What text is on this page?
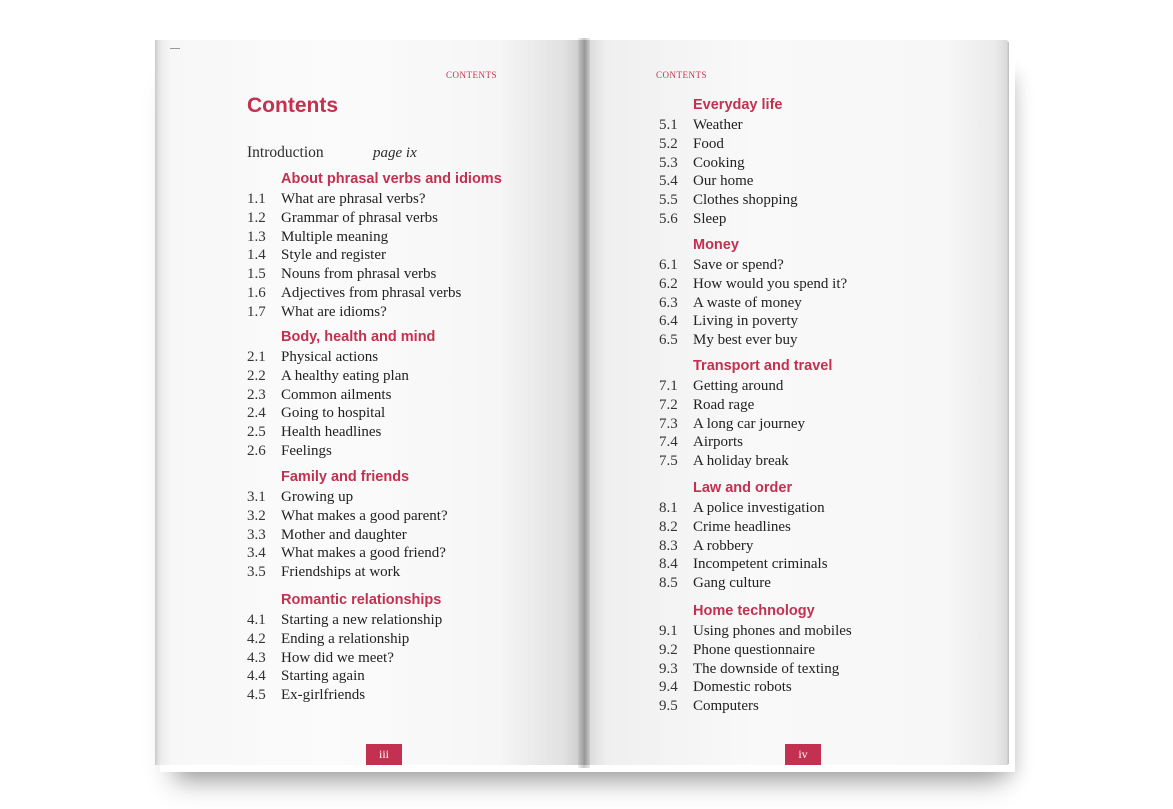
contents	contents
Contents
Introduction	page ix
About phrasal verbs and idioms
1.1	What are phrasal verbs?
1.2	Grammar of phrasal verbs
1.3	Multiple meaning
1.4	Style and register
1.5	Nouns from phrasal verbs
1.6	Adjectives from phrasal verbs
1.7	What are idioms?
Body, health and mind
2.1	Physical actions
2.2	A healthy eating plan
2.3	Common ailments
2.4	Going to hospital
2.5	Health headlines
2.6	Feelings
Family and friends
3.1	Growing up
3.2	What makes a good parent?
3.3	Mother and daughter
3.4	What makes a good friend?
3.5	Friendships at work
Romantic relationships
4.1	Starting a new relationship
4.2	Ending a relationship
4.3	How did we meet?
4.4	Starting again
4.5	Ex-girlfriends
Everyday life
5.1	Weather
5.2	Food
5.3	Cooking
5.4	Our home
5.5	Clothes shopping
5.6	Sleep
Money
6.1	Save or spend?
6.2	How would you spend it?
6.3	A waste of money
6.4	Living in poverty
6.5	My best ever buy
Transport and travel
7.1	Getting around
7.2	Road rage
7.3	A long car journey
7.4	Airports
7.5	A holiday break
Law and order
8.1	A police investigation
8.2	Crime headlines
8.3	A robbery
8.4	Incompetent criminals
8.5	Gang culture
Home technology
9.1	Using phones and mobiles
9.2	Phone questionnaire
9.3	The downside of texting
9.4	Domestic robots
9.5	Computers
iii	iv
